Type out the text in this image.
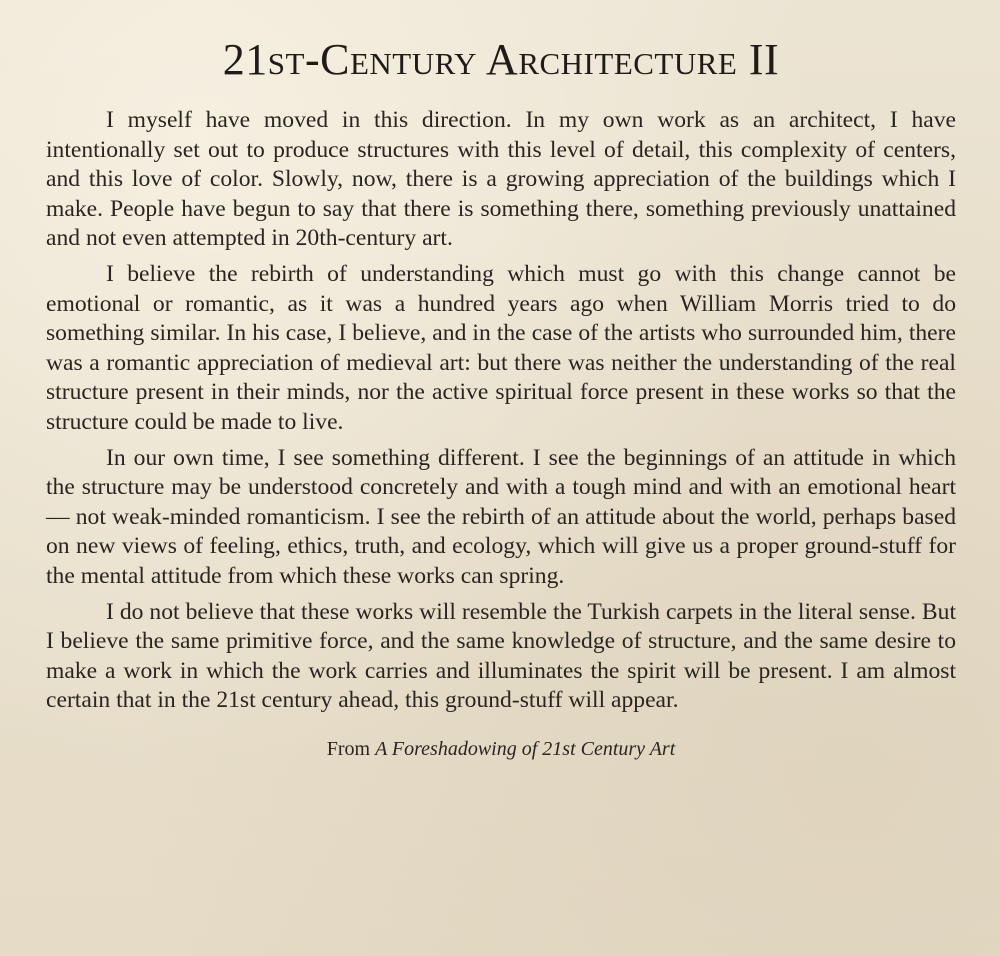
21st-Century Architecture II

I myself have moved in this direction. In my own work as an architect, I have intentionally set out to produce structures with this level of detail, this complexity of centers, and this love of color. Slowly, now, there is a growing appreciation of the buildings which I make. People have begun to say that there is something there, something previously unattained and not even attempted in 20th-century art.

I believe the rebirth of understanding which must go with this change cannot be emotional or romantic, as it was a hundred years ago when William Morris tried to do something similar. In his case, I believe, and in the case of the artists who surrounded him, there was a romantic appreciation of medieval art: but there was neither the understanding of the real structure present in their minds, nor the active spiritual force present in these works so that the structure could be made to live.

In our own time, I see something different. I see the beginnings of an attitude in which the structure may be understood concretely and with a tough mind and with an emotional heart— not weak-minded romanticism. I see the rebirth of an attitude about the world, perhaps based on new views of feeling, ethics, truth, and ecology, which will give us a proper ground-stuff for the mental attitude from which these works can spring.

I do not believe that these works will resemble the Turkish carpets in the literal sense. But I believe the same primitive force, and the same knowledge of structure, and the same desire to make a work in which the work carries and illuminates the spirit will be present. I am almost certain that in the 21st century ahead, this ground-stuff will appear.

From A Foreshadowing of 21st Century Art
